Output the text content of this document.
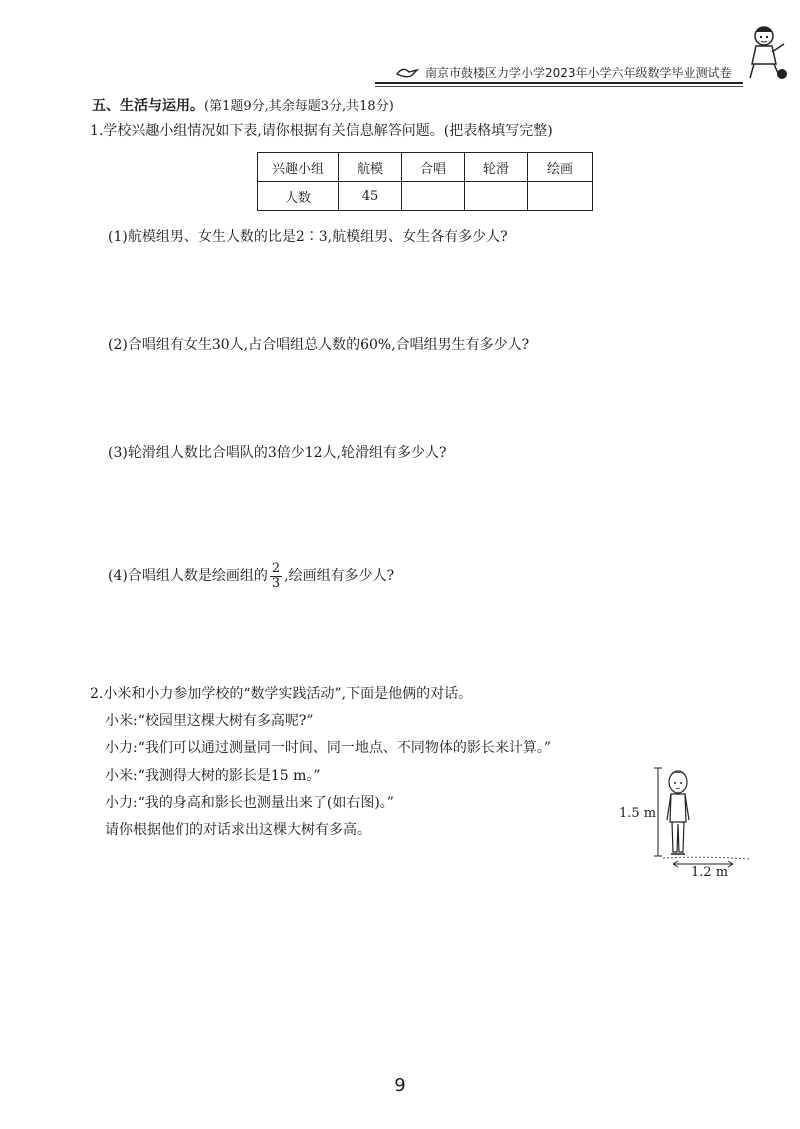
南京市鼓楼区力学小学2023年小学六年级数学毕业测试卷
五、生活与运用。(第1题9分,其余每题3分,共18分)
1.学校兴趣小组情况如下表,请你根据有关信息解答问题。(把表格填写完整)
兴趣小组	航模	合唱	轮滑	绘画
人数	45			
(1)航模组男、女生人数的比是2∶3,航模组男、女生各有多少人?
(2)合唱组有女生30人,占合唱组总人数的60%,合唱组男生有多少人?
(3)轮滑组人数比合唱队的3倍少12人,轮滑组有多少人?
(4)合唱组人数是绘画组的 $\frac{2}{3}$ ,绘画组有多少人?
2.小米和小力参加学校的“数学实践活动”,下面是他俩的对话。
小米:“校园里这棵大树有多高呢?”
小力:“我们可以通过测量同一时间、同一地点、不同物体的影长来计算。”
小米:“我测得大树的影长是15 m。”
小力:“我的身高和影长也测量出来了(如右图)。”
请你根据他们的对话求出这棵大树有多高。
1.5 m
1.2 m
9
